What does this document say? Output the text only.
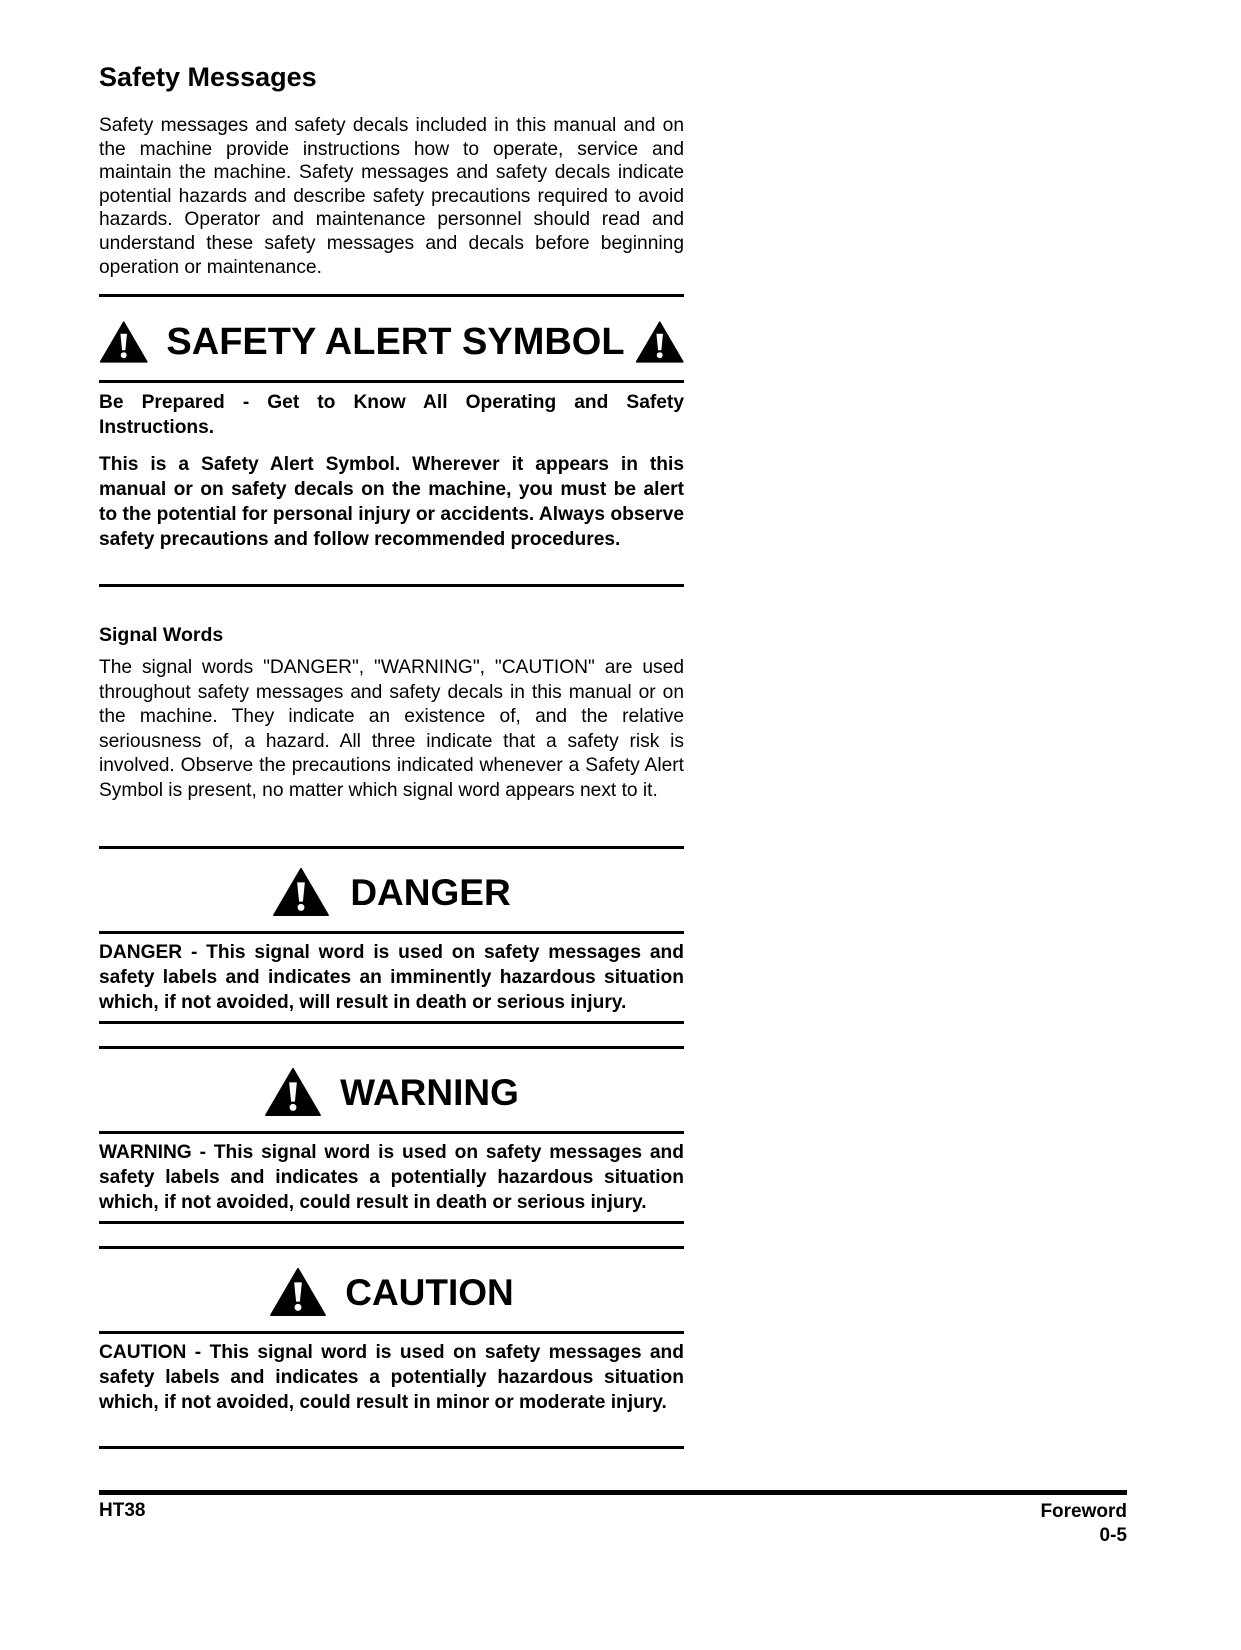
Safety Messages

Safety messages and safety decals included in this manual and on the machine provide instructions how to operate, service and maintain the machine. Safety messages and safety decals indicate potential hazards and describe safety precautions required to avoid hazards. Operator and maintenance personnel should read and understand these safety messages and decals before beginning operation or maintenance.

SAFETY ALERT SYMBOL

Be Prepared - Get to Know All Operating and Safety Instructions.

This is a Safety Alert Symbol. Wherever it appears in this manual or on safety decals on the machine, you must be alert to the potential for personal injury or accidents. Always observe safety precautions and follow recommended procedures.

Signal Words

The signal words "DANGER", "WARNING", "CAUTION" are used throughout safety messages and safety decals in this manual or on the machine. They indicate an existence of, and the relative seriousness of, a hazard. All three indicate that a safety risk is involved. Observe the precautions indicated whenever a Safety Alert Symbol is present, no matter which signal word appears next to it.

DANGER

DANGER - This signal word is used on safety messages and safety labels and indicates an imminently hazardous situation which, if not avoided, will result in death or serious injury.

WARNING

WARNING - This signal word is used on safety messages and safety labels and indicates a potentially hazardous situation which, if not avoided, could result in death or serious injury.

CAUTION

CAUTION - This signal word is used on safety messages and safety labels and indicates a potentially hazardous situation which, if not avoided, could result in minor or moderate injury.

HT38	Foreword
0-5
